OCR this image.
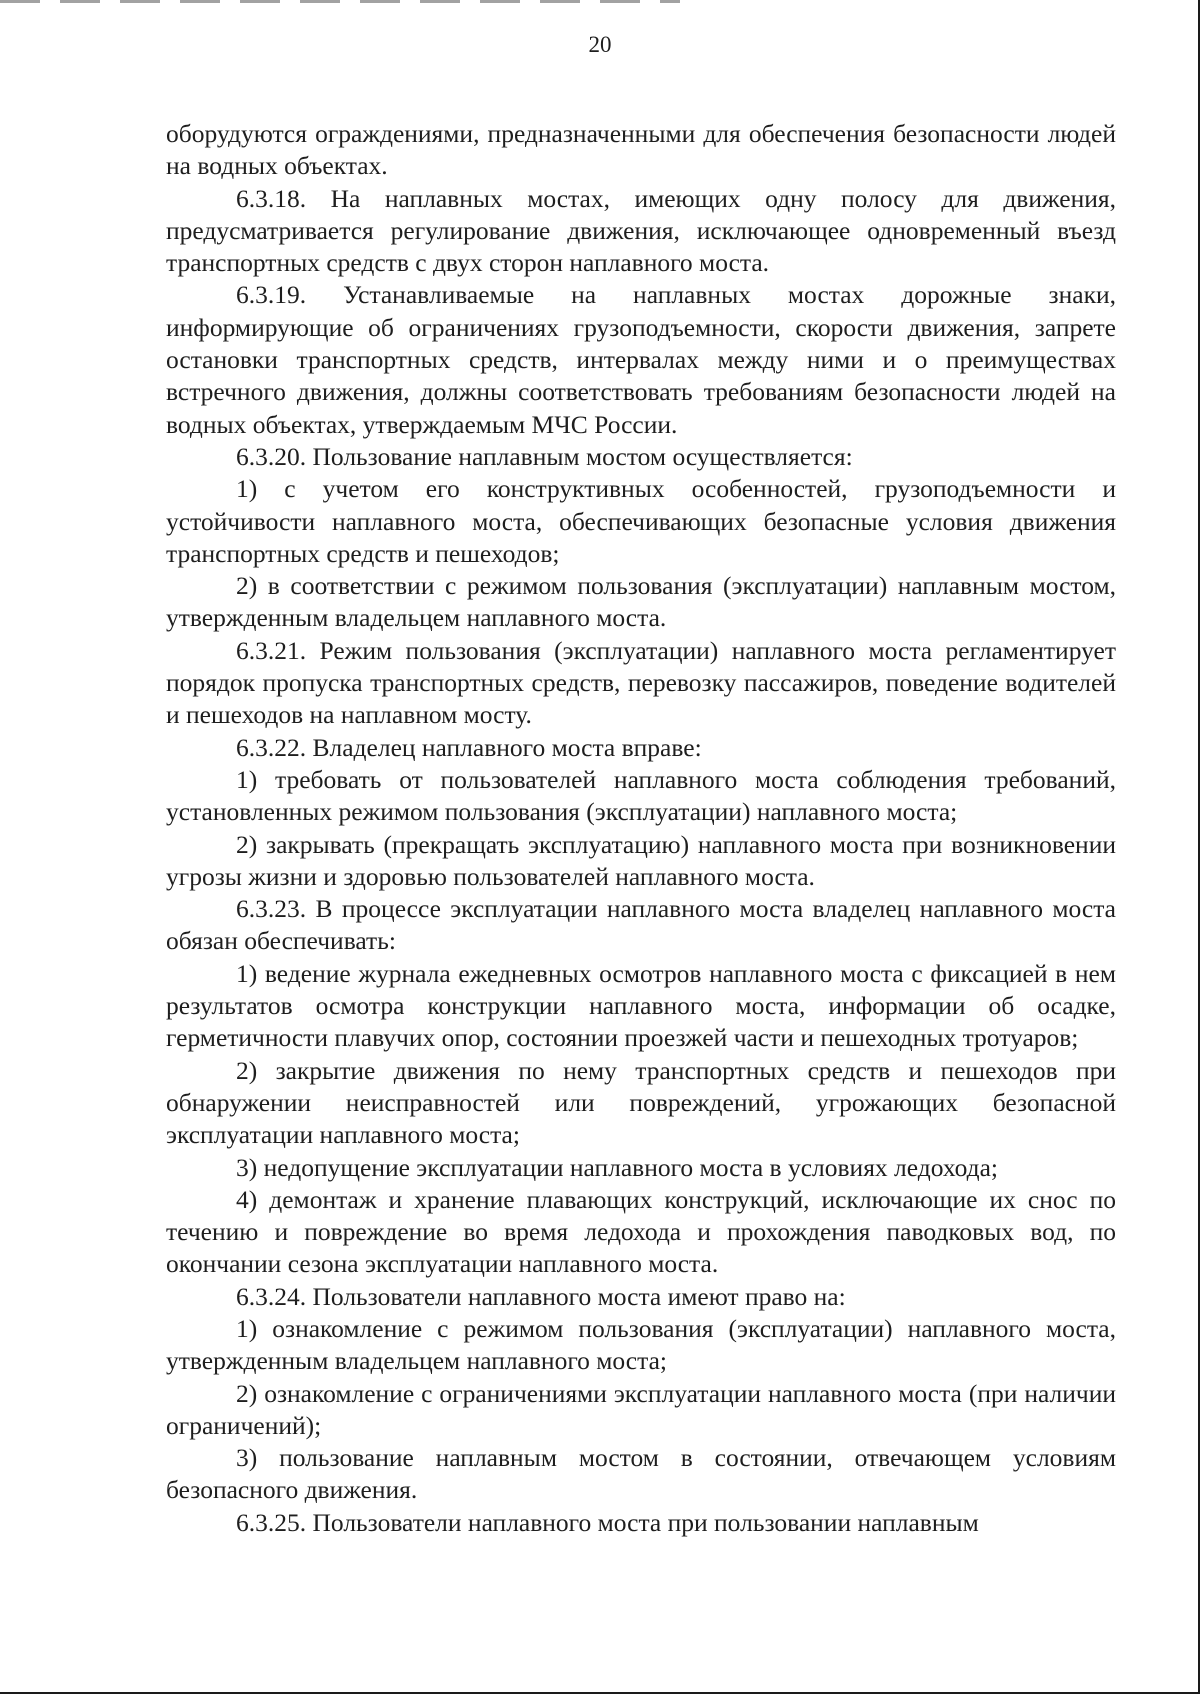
20

оборудуются ограждениями, предназначенными для обеспечения безопасности людей на водных объектах.

6.3.18. На наплавных мостах, имеющих одну полосу для движения, предусматривается регулирование движения, исключающее одновременный въезд транспортных средств с двух сторон наплавного моста.

6.3.19. Устанавливаемые на наплавных мостах дорожные знаки, информирующие об ограничениях грузоподъемности, скорости движения, запрете остановки транспортных средств, интервалах между ними и о преимуществах встречного движения, должны соответствовать требованиям безопасности людей на водных объектах, утверждаемым МЧС России.

6.3.20. Пользование наплавным мостом осуществляется:

1) с учетом его конструктивных особенностей, грузоподъемности и устойчивости наплавного моста, обеспечивающих безопасные условия движения транспортных средств и пешеходов;

2) в соответствии с режимом пользования (эксплуатации) наплавным мостом, утвержденным владельцем наплавного моста.

6.3.21. Режим пользования (эксплуатации) наплавного моста регламентирует порядок пропуска транспортных средств, перевозку пассажиров, поведение водителей и пешеходов на наплавном мосту.

6.3.22. Владелец наплавного моста вправе:

1) требовать от пользователей наплавного моста соблюдения требований, установленных режимом пользования (эксплуатации) наплавного моста;

2) закрывать (прекращать эксплуатацию) наплавного моста при возникновении угрозы жизни и здоровью пользователей наплавного моста.

6.3.23. В процессе эксплуатации наплавного моста владелец наплавного моста обязан обеспечивать:

1) ведение журнала ежедневных осмотров наплавного моста с фиксацией в нем результатов осмотра конструкции наплавного моста, информации об осадке, герметичности плавучих опор, состоянии проезжей части и пешеходных тротуаров;

2) закрытие движения по нему транспортных средств и пешеходов при обнаружении неисправностей или повреждений, угрожающих безопасной эксплуатации наплавного моста;

3) недопущение эксплуатации наплавного моста в условиях ледохода;

4) демонтаж и хранение плавающих конструкций, исключающие их снос по течению и повреждение во время ледохода и прохождения паводковых вод, по окончании сезона эксплуатации наплавного моста.

6.3.24. Пользователи наплавного моста имеют право на:

1) ознакомление с режимом пользования (эксплуатации) наплавного моста, утвержденным владельцем наплавного моста;

2) ознакомление с ограничениями эксплуатации наплавного моста (при наличии ограничений);

3) пользование наплавным мостом в состоянии, отвечающем условиям безопасного движения.

6.3.25. Пользователи наплавного моста при пользовании наплавным
